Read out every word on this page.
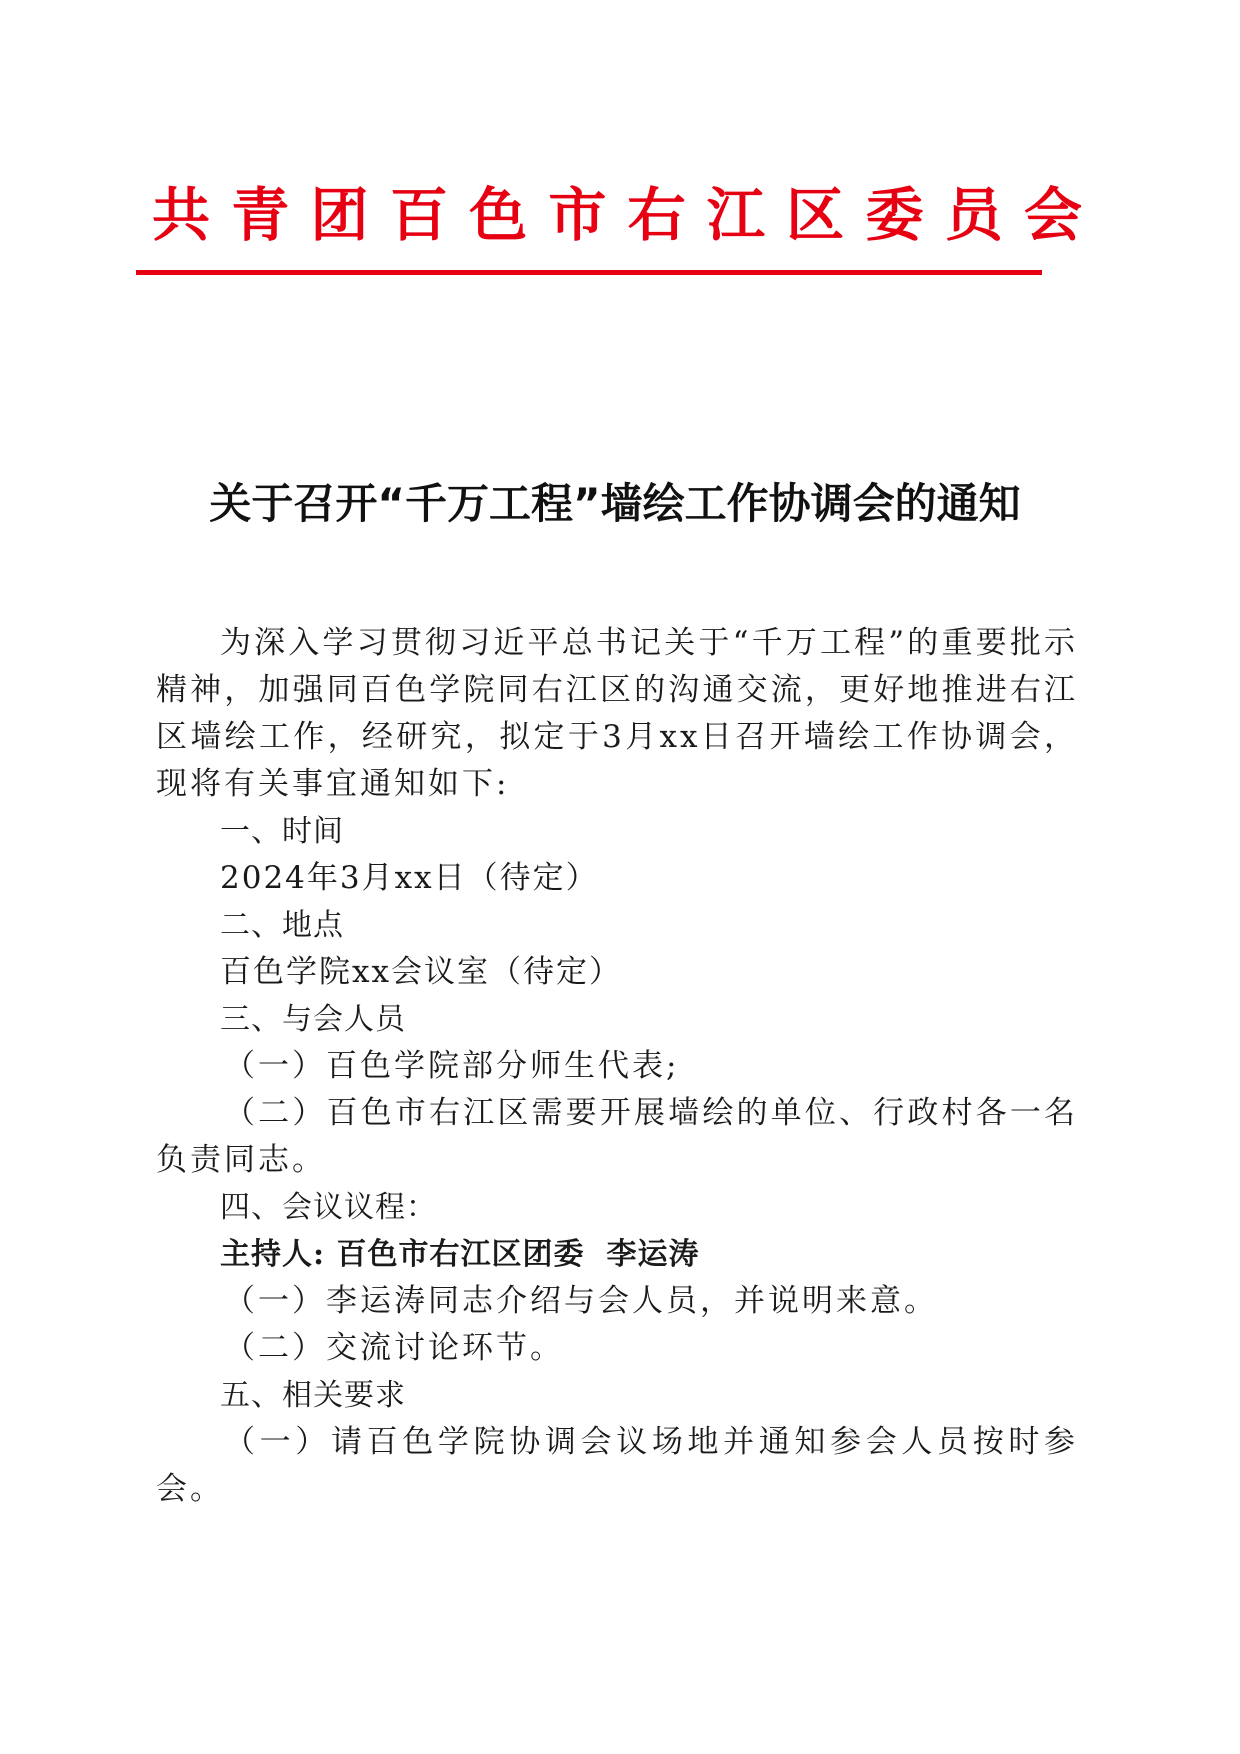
共青团百色市右江区委员会
关于召开“千万工程”墙绘工作协调会的通知

为深入学习贯彻习近平总书记关于“千万工程”的重要批示精神，加强同百色学院同右江区的沟通交流，更好地推进右江区墙绘工作，经研究，拟定于3月xx日召开墙绘工作协调会，现将有关事宜通知如下:

一、时间

2024年3月xx日（待定）

二、地点

百色学院xx会议室（待定）

三、与会人员

（一）百色学院部分师生代表;

（二）百色市右江区需要开展墙绘的单位、行政村各一名负责同志。

四、会议议程：

主持人: 百色市右江区团委 李运涛

（一）李运涛同志介绍与会人员，并说明来意。

（二）交流讨论环节。

五、相关要求

（一）请百色学院协调会议场地并通知参会人员按时参会。
